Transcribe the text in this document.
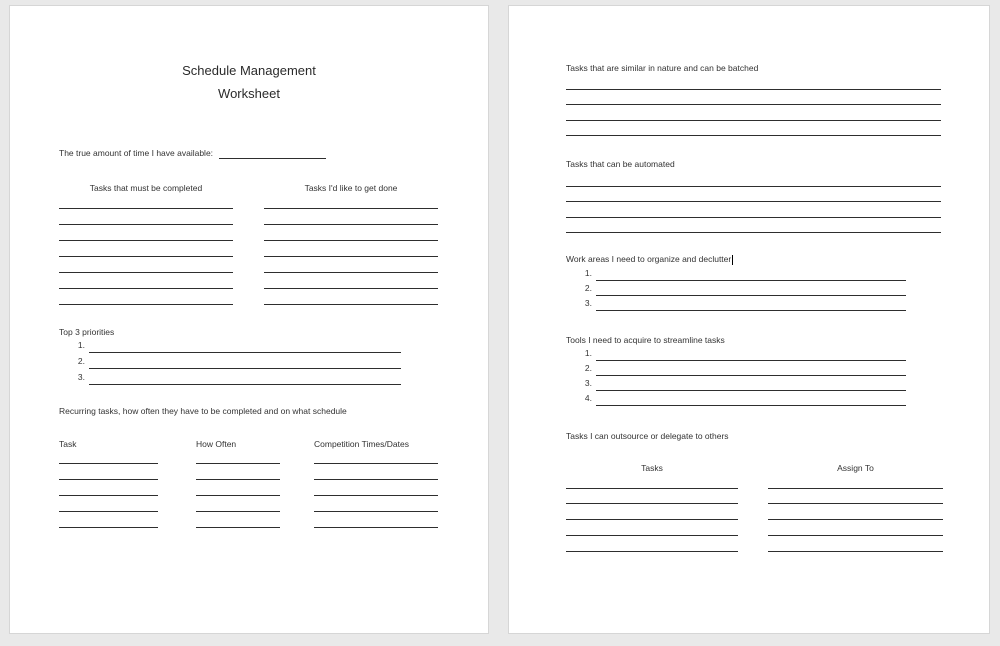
Schedule Management
Worksheet
The true amount of time I have available:
Tasks that must be completed	Tasks I'd like to get done
Top 3 priorities
1.
2.
3.
Recurring tasks, how often they have to be completed and on what schedule
Task	How Often	Competition Times/Dates
Tasks that are similar in nature and can be batched
Tasks that can be automated
Work areas I need to organize and declutter
1.
2.
3.
Tools I need to acquire to streamline tasks
1.
2.
3.
4.
Tasks I can outsource or delegate to others
Tasks	Assign To
